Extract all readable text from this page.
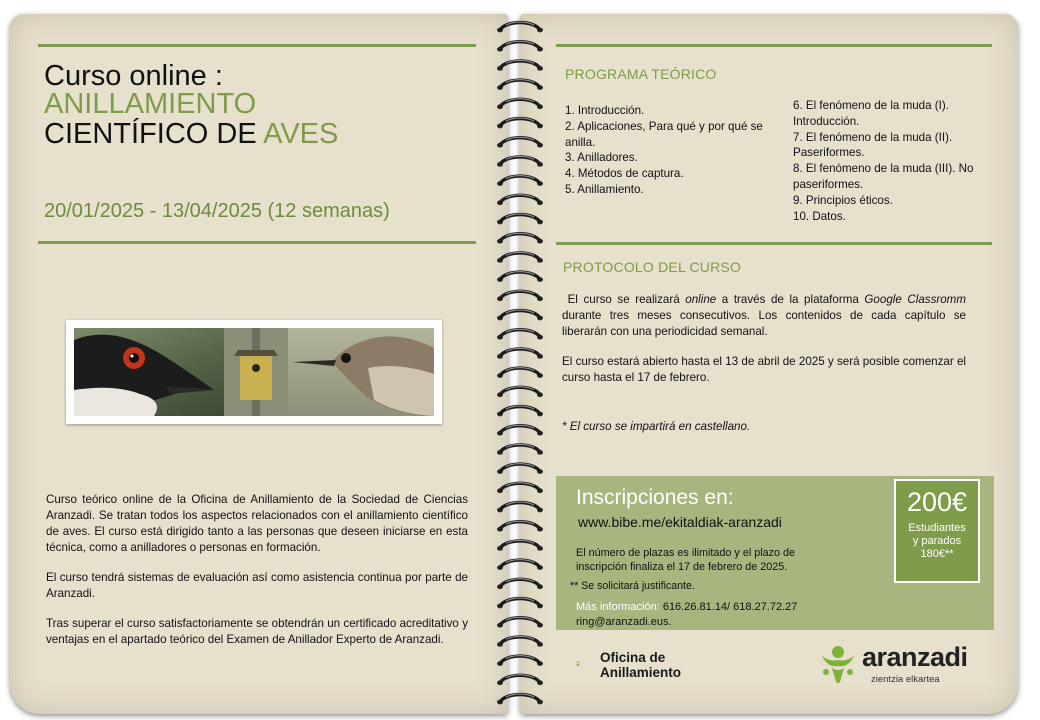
Curso online :
ANILLAMIENTO
CIENTÍFICO DE AVES
20/01/2025 - 13/04/2025 (12 semanas)

Curso teórico online de la Oficina de Anillamiento de la Sociedad de Ciencias Aranzadi. Se tratan todos los aspectos relacionados con el anillamiento científico de aves. El curso está dirigido tanto a las personas que deseen iniciarse en esta técnica, como a anilladores o personas en formación.

El curso tendrá sistemas de evaluación así como asistencia continua por parte de Aranzadi.

Tras superar el curso satisfactoriamente se obtendrán un certificado acreditativo y ventajas en el apartado teórico del Examen de Anillador Experto de Aranzadi.

PROGRAMA TEÓRICO
1. Introducción.
2. Aplicaciones, Para qué y por qué se anilla.
3. Anilladores.
4. Métodos de captura.
5. Anillamiento.
6. El fenómeno de la muda (I). Introducción.
7. El fenómeno de la muda (II). Paseriformes.
8. El fenómeno de la muda (III). No paseriformes.
9. Principios éticos.
10. Datos.
PROTOCOLO DEL CURSO

El curso se realizará online a través de la plataforma Google Classromm durante tres meses consecutivos. Los contenidos de cada capítulo se liberarán con una periodicidad semanal.

El curso estará abierto hasta el 13 de abril de 2025 y será posible comenzar el curso hasta el 17 de febrero.

* El curso se impartirá en castellano.
Inscripciones en:
www.bibe.me/ekitaldiak-aranzadi
El número de plazas es ilimitado y el plazo de inscripción finaliza el 17 de febrero de 2025.
** Se solicitará justificante.
Más información: 616.26.81.14/ 618.27.72.27
ring@aranzadi.eus.
200€
Estudiantes
y parados
180€**
Oficina de
Anillamiento
aranzadi
zientzia elkartea
